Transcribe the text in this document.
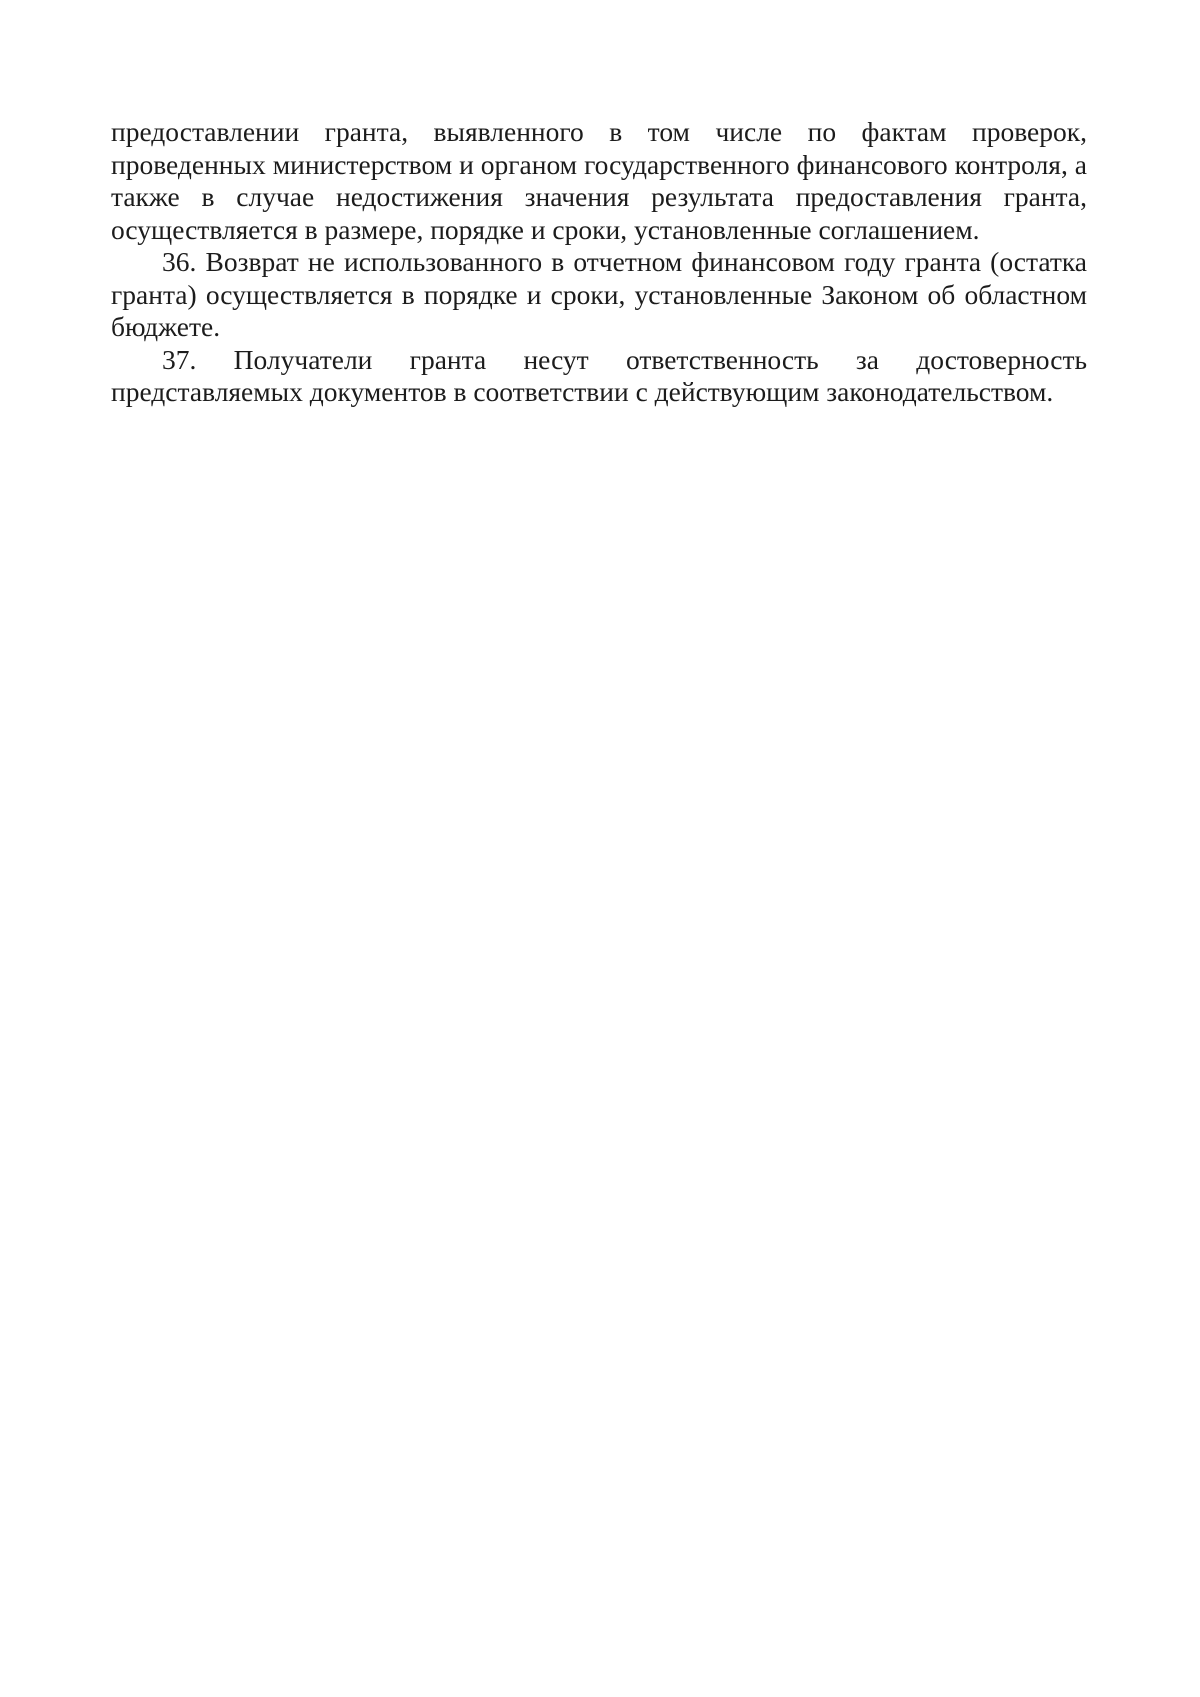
предоставлении гранта, выявленного в том числе по фактам проверок, проведенных министерством и органом государственного финансового контроля, а также в случае недостижения значения результата предоставления гранта, осуществляется в размере, порядке и сроки, установленные соглашением.

36. Возврат не использованного в отчетном финансовом году гранта (остатка гранта) осуществляется в порядке и сроки, установленные Законом об областном бюджете.

37. Получатели гранта несут ответственность за достоверность представляемых документов в соответствии с действующим законодательством.
